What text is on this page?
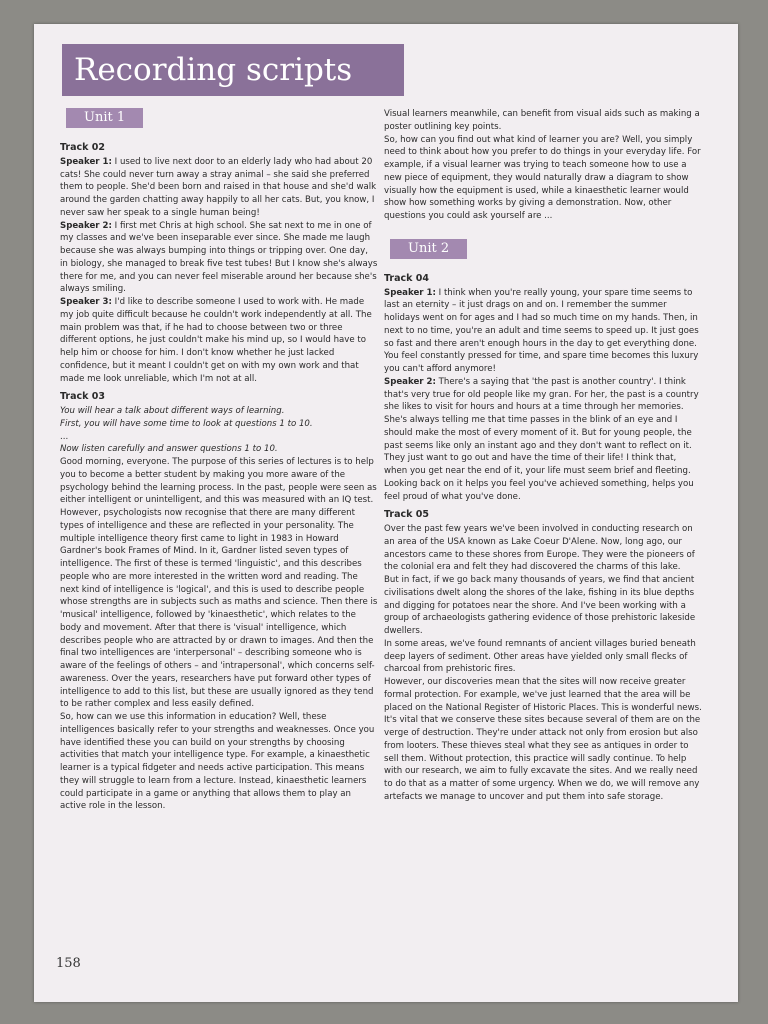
Recording scripts
Unit 1
Track 02

Speaker 1: I used to live next door to an elderly lady who had about 20 cats! She could never turn away a stray animal – she said she preferred them to people. She'd been born and raised in that house and she'd walk around the garden chatting away happily to all her cats. But, you know, I never saw her speak to a single human being!

Speaker 2: I first met Chris at high school. She sat next to me in one of my classes and we've been inseparable ever since. She made me laugh because she was always bumping into things or tripping over. One day, in biology, she managed to break five test tubes! But I know she's always there for me, and you can never feel miserable around her because she's always smiling.

Speaker 3: I'd like to describe someone I used to work with. He made my job quite difficult because he couldn't work independently at all. The main problem was that, if he had to choose between two or three different options, he just couldn't make his mind up, so I would have to help him or choose for him. I don't know whether he just lacked confidence, but it meant I couldn't get on with my own work and that made me look unreliable, which I'm not at all.

Track 03

You will hear a talk about different ways of learning.

First, you will have some time to look at questions 1 to 10.

...

Now listen carefully and answer questions 1 to 10.

Good morning, everyone. The purpose of this series of lectures is to help you to become a better student by making you more aware of the psychology behind the learning process. In the past, people were seen as either intelligent or unintelligent, and this was measured with an IQ test. However, psychologists now recognise that there are many different types of intelligence and these are reflected in your personality. The multiple intelligence theory first came to light in 1983 in Howard Gardner's book Frames of Mind. In it, Gardner listed seven types of intelligence. The first of these is termed 'linguistic', and this describes people who are more interested in the written word and reading. The next kind of intelligence is 'logical', and this is used to describe people whose strengths are in subjects such as maths and science. Then there is 'musical' intelligence, followed by 'kinaesthetic', which relates to the body and movement. After that there is 'visual' intelligence, which describes people who are attracted by or drawn to images. And then the final two intelligences are 'interpersonal' – describing someone who is aware of the feelings of others – and 'intrapersonal', which concerns self-awareness. Over the years, researchers have put forward other types of intelligence to add to this list, but these are usually ignored as they tend to be rather complex and less easily defined.

So, how can we use this information in education? Well, these intelligences basically refer to your strengths and weaknesses. Once you have identified these you can build on your strengths by choosing activities that match your intelligence type. For example, a kinaesthetic learner is a typical fidgeter and needs active participation. This means they will struggle to learn from a lecture. Instead, kinaesthetic learners could participate in a game or anything that allows them to play an active role in the lesson.

Visual learners meanwhile, can benefit from visual aids such as making a poster outlining key points.

So, how can you find out what kind of learner you are? Well, you simply need to think about how you prefer to do things in your everyday life. For example, if a visual learner was trying to teach someone how to use a new piece of equipment, they would naturally draw a diagram to show visually how the equipment is used, while a kinaesthetic learner would show how something works by giving a demonstration. Now, other questions you could ask yourself are ...

Unit 2
Track 04

Speaker 1: I think when you're really young, your spare time seems to last an eternity – it just drags on and on. I remember the summer holidays went on for ages and I had so much time on my hands. Then, in next to no time, you're an adult and time seems to speed up. It just goes so fast and there aren't enough hours in the day to get everything done. You feel constantly pressed for time, and spare time becomes this luxury you can't afford anymore!

Speaker 2: There's a saying that 'the past is another country'. I think that's very true for old people like my gran. For her, the past is a country she likes to visit for hours and hours at a time through her memories. She's always telling me that time passes in the blink of an eye and I should make the most of every moment of it. But for young people, the past seems like only an instant ago and they don't want to reflect on it. They just want to go out and have the time of their life! I think that, when you get near the end of it, your life must seem brief and fleeting. Looking back on it helps you feel you've achieved something, helps you feel proud of what you've done.

Track 05

Over the past few years we've been involved in conducting research on an area of the USA known as Lake Coeur D'Alene. Now, long ago, our ancestors came to these shores from Europe. They were the pioneers of the colonial era and felt they had discovered the charms of this lake.

But in fact, if we go back many thousands of years, we find that ancient civilisations dwelt along the shores of the lake, fishing in its blue depths and digging for potatoes near the shore. And I've been working with a group of archaeologists gathering evidence of those prehistoric lakeside dwellers.

In some areas, we've found remnants of ancient villages buried beneath deep layers of sediment. Other areas have yielded only small flecks of charcoal from prehistoric fires.

However, our discoveries mean that the sites will now receive greater formal protection. For example, we've just learned that the area will be placed on the National Register of Historic Places. This is wonderful news. It's vital that we conserve these sites because several of them are on the verge of destruction. They're under attack not only from erosion but also from looters. These thieves steal what they see as antiques in order to sell them. Without protection, this practice will sadly continue. To help with our research, we aim to fully excavate the sites. And we really need to do that as a matter of some urgency. When we do, we will remove any artefacts we manage to uncover and put them into safe storage.

158
